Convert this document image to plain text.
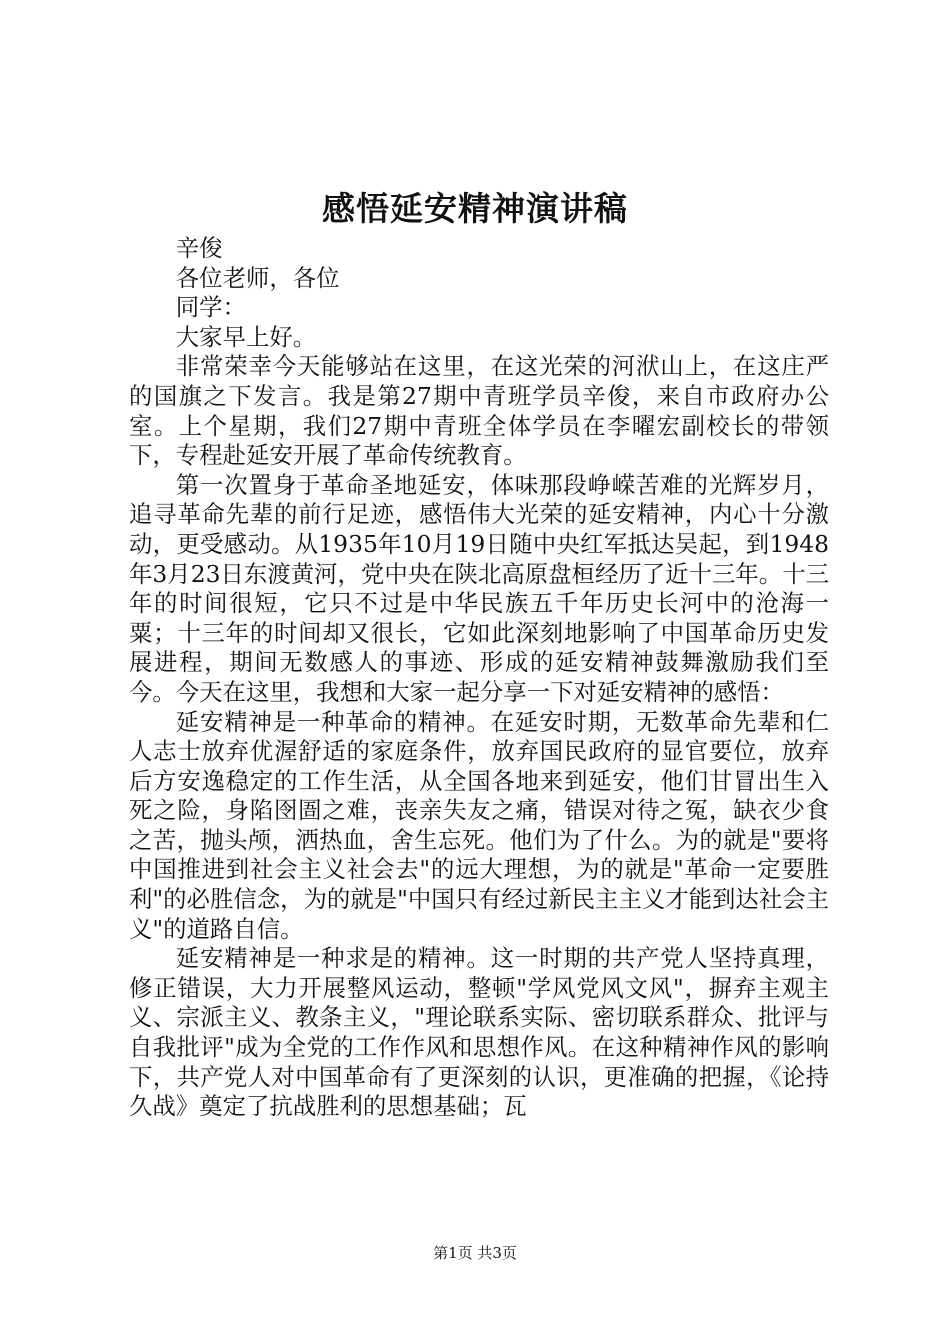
感悟延安精神演讲稿

辛俊

各位老师，各位

同学：

大家早上好。

非常荣幸今天能够站在这里，在这光荣的河洑山上，在这庄严的国旗之下发言。我是第27期中青班学员辛俊，来自市政府办公室。上个星期，我们27期中青班全体学员在李曜宏副校长的带领下，专程赴延安开展了革命传统教育。

第一次置身于革命圣地延安，体味那段峥嵘苦难的光辉岁月，追寻革命先辈的前行足迹，感悟伟大光荣的延安精神，内心十分激动，更受感动。从1935年10月19日随中央红军抵达吴起，到1948年3月23日东渡黄河，党中央在陕北高原盘桓经历了近十三年。十三年的时间很短，它只不过是中华民族五千年历史长河中的沧海一粟；十三年的时间却又很长，它如此深刻地影响了中国革命历史发展进程，期间无数感人的事迹、形成的延安精神鼓舞激励我们至今。今天在这里，我想和大家一起分享一下对延安精神的感悟：

延安精神是一种革命的精神。在延安时期，无数革命先辈和仁人志士放弃优渥舒适的家庭条件，放弃国民政府的显官要位，放弃后方安逸稳定的工作生活，从全国各地来到延安，他们甘冒出生入死之险，身陷囹圄之难，丧亲失友之痛，错误对待之冤，缺衣少食之苦，抛头颅，洒热血，舍生忘死。他们为了什么。为的就是"要将中国推进到社会主义社会去"的远大理想，为的就是"革命一定要胜利"的必胜信念，为的就是"中国只有经过新民主主义才能到达社会主义"的道路自信。

延安精神是一种求是的精神。这一时期的共产党人坚持真理，修正错误，大力开展整风运动，整顿"学风党风文风"，摒弃主观主义、宗派主义、教条主义，"理论联系实际、密切联系群众、批评与自我批评"成为全党的工作作风和思想作风。在这种精神作风的影响下，共产党人对中国革命有了更深刻的认识，更准确的把握，《论持久战》奠定了抗战胜利的思想基础；瓦

第1页 共3页
